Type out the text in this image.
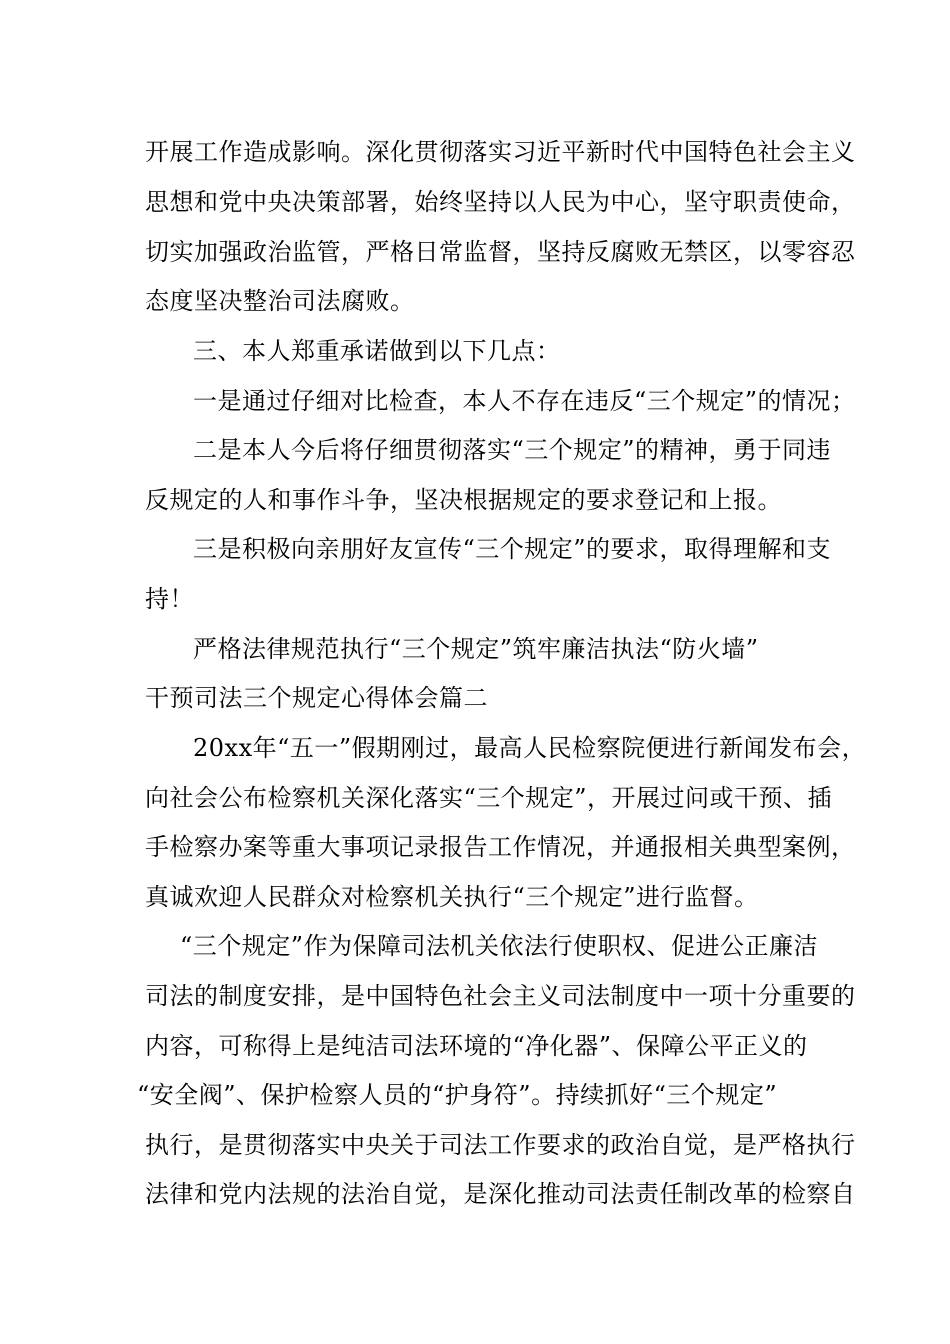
开展工作造成影响。深化贯彻落实习近平新时代中国特色社会主义
思想和党中央决策部署，始终坚持以人民为中心，坚守职责使命，
切实加强政治监管，严格日常监督，坚持反腐败无禁区，以零容忍
态度坚决整治司法腐败。
三、本人郑重承诺做到以下几点：
一是通过仔细对比检查，本人不存在违反“三个规定”的情况；
二是本人今后将仔细贯彻落实“三个规定”的精神，勇于同违
反规定的人和事作斗争，坚决根据规定的要求登记和上报。
三是积极向亲朋好友宣传“三个规定”的要求，取得理解和支
持！
严格法律规范执行“三个规定”筑牢廉洁执法“防火墙”
干预司法三个规定心得体会篇二
20xx年“五一”假期刚过，最高人民检察院便进行新闻发布会，
向社会公布检察机关深化落实“三个规定”，开展过问或干预、插
手检察办案等重大事项记录报告工作情况，并通报相关典型案例，
真诚欢迎人民群众对检察机关执行“三个规定”进行监督。
“三个规定”作为保障司法机关依法行使职权、促进公正廉洁
司法的制度安排，是中国特色社会主义司法制度中一项十分重要的
内容，可称得上是纯洁司法环境的“净化器”、保障公平正义的
“安全阀”、保护检察人员的“护身符”。持续抓好“三个规定”
执行，是贯彻落实中央关于司法工作要求的政治自觉，是严格执行
法律和党内法规的法治自觉，是深化推动司法责任制改革的检察自
